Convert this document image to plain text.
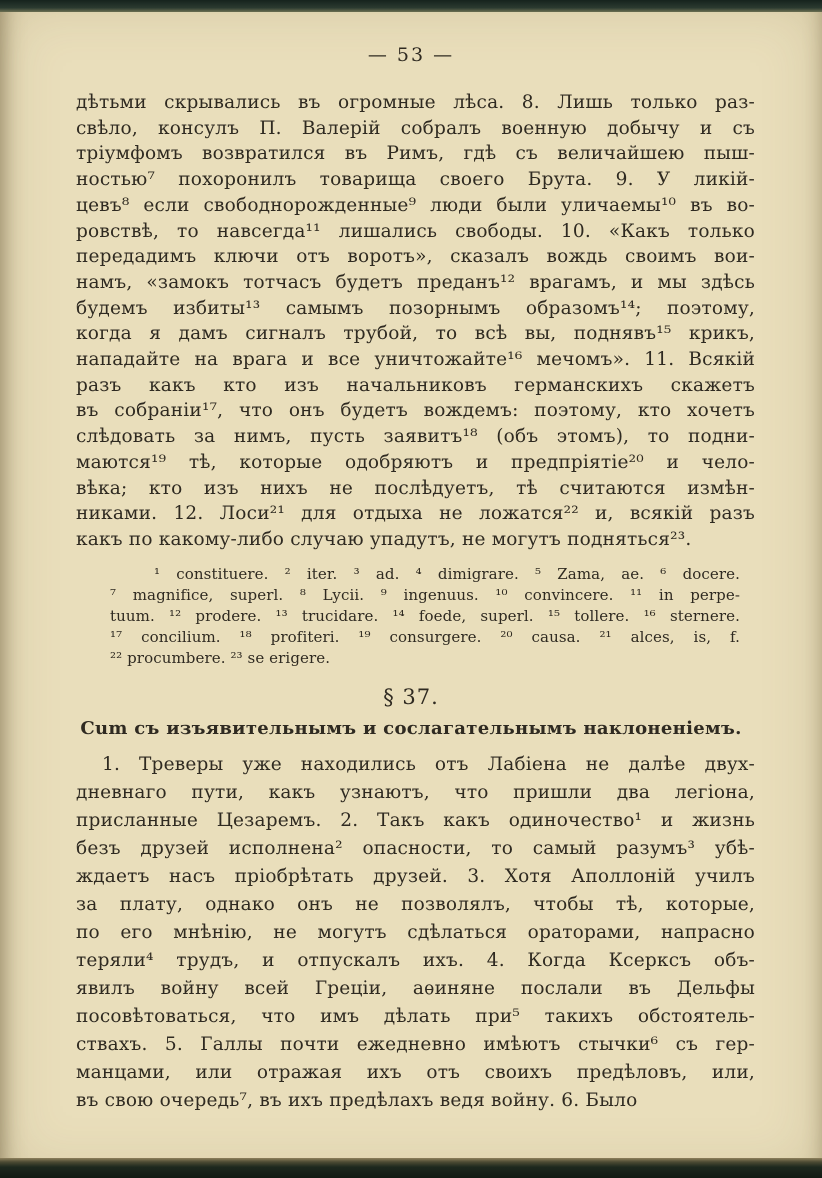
— 53 —
дѣтьми скрывались въ огромные лѣса. 8. Лишь только раз-
свѣло, консулъ П. Валерій собралъ военную добычу и съ
тріумфомъ возвратился въ Римъ, гдѣ съ величайшею пыш-
ностью⁷ похоронилъ товарища своего Брута. 9. У ликій-
цевъ⁸ если свободнорожденные⁹ люди были уличаемы¹⁰ въ во-
ровствѣ, то навсегда¹¹ лишались свободы. 10. «Какъ только
передадимъ ключи отъ воротъ», сказалъ вождь своимъ вои-
намъ, «замокъ тотчасъ будетъ преданъ¹² врагамъ, и мы здѣсь
будемъ избиты¹³ самымъ позорнымъ образомъ¹⁴; поэтому,
когда я дамъ сигналъ трубой, то всѣ вы, поднявъ¹⁵ крикъ,
нападайте на врага и все уничтожайте¹⁶ мечомъ». 11. Всякій
разъ какъ кто изъ начальниковъ германскихъ скажетъ
въ собраніи¹⁷, что онъ будетъ вождемъ: поэтому, кто хочетъ
слѣдовать за нимъ, пусть заявитъ¹⁸ (объ этомъ), то подни-
маются¹⁹ тѣ, которые одобряютъ и предпріятіе²⁰ и чело-
вѣка; кто изъ нихъ не послѣдуетъ, тѣ считаются измѣн-
никами. 12. Лоси²¹ для отдыха не ложатся²² и, всякій разъ
какъ по какому-либо случаю упадутъ, не могутъ подняться²³.
¹ constituere. ² iter. ³ ad. ⁴ dimigrare. ⁵ Zama, ae. ⁶ docere.
⁷ magnifice, superl. ⁸ Lycii. ⁹ ingenuus. ¹⁰ convincere. ¹¹ in perpe-
tuum. ¹² prodere. ¹³ trucidare. ¹⁴ foede, superl. ¹⁵ tollere. ¹⁶ sternere.
¹⁷ concilium. ¹⁸ profiteri. ¹⁹ consurgere. ²⁰ causa. ²¹ alces, is, f.
²² procumbere. ²³ se erigere.
§ 37.
Cum съ изъявительнымъ и сослагательнымъ наклоненіемъ.
1. Треверы уже находились отъ Лабіена не далѣе двух-
дневнаго пути, какъ узнаютъ, что пришли два легіона,
присланные Цезаремъ. 2. Такъ какъ одиночество¹ и жизнь
безъ друзей исполнена² опасности, то самый разумъ³ убѣ-
ждаетъ насъ пріобрѣтать друзей. 3. Хотя Аполлоній училъ
за плату, однако онъ не позволялъ, чтобы тѣ, которые,
по его мнѣнію, не могутъ сдѣлаться ораторами, напрасно
теряли⁴ трудъ, и отпускалъ ихъ. 4. Когда Ксерксъ объ-
явилъ войну всей Греціи, аѳиняне послали въ Дельфы
посовѣтоваться, что имъ дѣлать при⁵ такихъ обстоятель-
ствахъ. 5. Галлы почти ежедневно имѣютъ стычки⁶ съ гер-
манцами, или отражая ихъ отъ своихъ предѣловъ, или,
въ свою очередь⁷, въ ихъ предѣлахъ ведя войну. 6. Было
